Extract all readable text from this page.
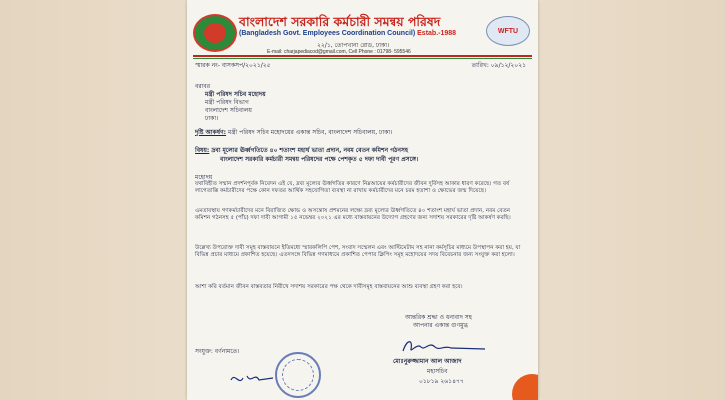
WFTU
বাংলাদেশ সরকারি কর্মচারী সমন্বয় পরিষদ
(Bangladesh Govt. Employees Coordination Council) Estab.-1988
২২/১, তোপখানা রোড, ঢাকা।
E-mail: charjapediacod@gmail.com, Cell Phone : 01798- 595546
স্মারক নং- বাসকসপ/২০২১/২৫	তারিখ: ০৯/১২/২০২১
বরাবর
মন্ত্রী পরিষদ সচিব মহোদয়
মন্ত্রী পরিষদ বিভাগ
বাংলাদেশ সচিবালয়
ঢাকা।
দৃষ্টি আকর্ষণ: মন্ত্রী পরিষদ সচিব মহোদয়ের একান্ত সচিব, বাংলাদেশ সচিবালয়, ঢাকা।
বিষয়: দ্রব্য মূল্যের ঊর্ধ্বগতিতে ৪০ শতাংশ মহার্ঘ ভাতা প্রদান, নবম বেতন কমিশন গঠনসহ
বাংলাদেশ সরকারি কর্মচারী সমন্বয় পরিষদের পক্ষে পেশকৃত ৫ দফা দাবী পূরণ প্রসঙ্গে।
মহোদয়
যথাবিহীত সম্মান প্রদর্শনপূর্বক নিবেদন এই যে, দ্রব্য মূল্যের ঊর্ধ্বগতির কারণে নিম্নআয়ের কর্মচারীদের জীবন দুর্বিসহ আকার ধারণ করেছে। গত বর্ষ লাগেতাক্কি কর্মচারীদের পক্ষে কোন দফতর আর্থিক সহযোগিতা ব্যবস্থা না রাখায় কর্মচারীদের মনে চরম হতাশা ও ক্ষোভের জন্ম দিয়েছে।
এমতাবস্থায় গণকর্মচারীদের মনে বিরাজিত ক্ষোভ ও অসন্তোষ প্রশমনের লক্ষ্যে দ্রব্য মূল্যের ঊর্ধ্বগতিতে ৪০ শতাংশ মহার্ঘ ভাতা প্রদান, নবম বেতন কমিশন গঠনসহ ৫ (পাঁচ) দফা দাবী আগামী ১৫ নভেম্বর ২০২১ এর মধ্যে বাস্তবায়নের উদ্যোগ গ্রহণের জন্য সদাশয় সরকারের দৃষ্টি আকর্ষণ করছি।
উল্লেখ্য উপরোক্ত দাবী সমূহ বাস্তবায়নে ইতিমধ্যে স্মারকলিপি পেশ, সংবাদ সম্মেলন এবং আল্টিমেটাম সহ নানা কর্মসূচির মাধ্যমে উপস্থাপন করা হয়, যা বিভিন্ন প্রচার মাধ্যমে প্রকাশিত হয়েছে। এতদসঙ্গে বিভিন্ন গণমাধ্যমে প্রকাশিত পেপার ক্লিপিং সমূহ মহোদয়ের সদয় বিবেচনার জন্য সংযুক্ত করা হলো।
আশা করি বর্তমান জীবন বাস্তবতার নিরীখে সদাশয় সরকারের পক্ষ থেকে দাবীসমূহ বাস্তবায়নের আশু ব্যবস্থা গ্রহণ করা হবে।
আন্তরিক শ্রদ্ধা ও ধন্যবাদ সহ
আপনার একান্ত গুণমুগ্ধ
মোঃনুরুজ্জামান আল আজাদ
মহাসচিব
০১৮১৯ ২৬১৪৭৭
সংযুক্ত: বর্ণনামতে।
